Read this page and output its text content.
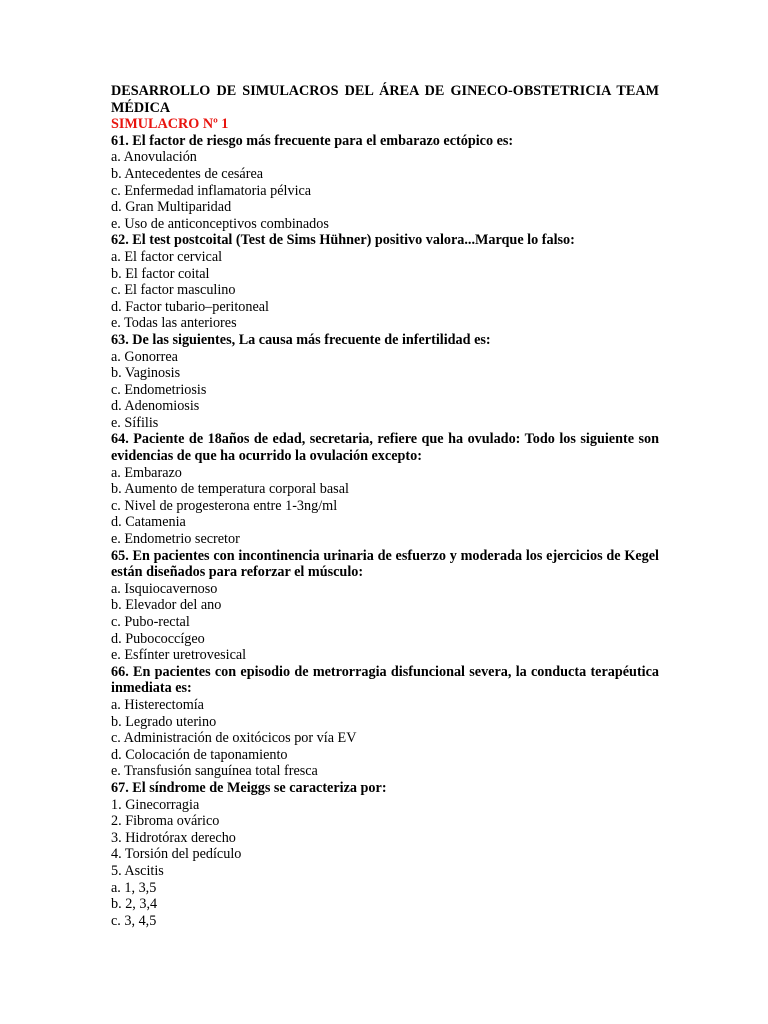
DESARROLLO DE SIMULACROS DEL ÁREA DE GINECO-OBSTETRICIA TEAM
MÉDICA

SIMULACRO Nº 1

61. El factor de riesgo más frecuente para el embarazo ectópico es:

a. Anovulación

b. Antecedentes de cesárea

c. Enfermedad inflamatoria pélvica

d. Gran Multiparidad

e. Uso de anticonceptivos combinados

62. El test postcoital (Test de Sims Hühner) positivo valora...Marque lo falso:

a. El factor cervical

b. El factor coital

c. El factor masculino

d. Factor tubario–peritoneal

e. Todas las anteriores

63. De las siguientes, La causa más frecuente de infertilidad es:

a. Gonorrea

b. Vaginosis

c. Endometriosis

d. Adenomiosis

e. Sífilis

64. Paciente de 18años de edad, secretaria, refiere que ha ovulado: Todo los siguiente son
evidencias de que ha ocurrido la ovulación excepto:

a. Embarazo

b. Aumento de temperatura corporal basal

c. Nivel de progesterona entre 1-3ng/ml

d. Catamenia

e. Endometrio secretor

65. En pacientes con incontinencia urinaria de esfuerzo y moderada los ejercicios de Kegel
están diseñados para reforzar el músculo:

a. Isquiocavernoso

b. Elevador del ano

c. Pubo-rectal

d. Pubococcígeo

e. Esfínter uretrovesical

66. En pacientes con episodio de metrorragia disfuncional severa, la conducta terapéutica
inmediata es:

a. Histerectomía

b. Legrado uterino

c. Administración de oxitócicos por vía EV

d. Colocación de taponamiento

e. Transfusión sanguínea total fresca

67. El síndrome de Meiggs se caracteriza por:

1. Ginecorragia

2. Fibroma ovárico

3. Hidrotórax derecho

4. Torsión del pedículo

5. Ascitis

a. 1, 3,5

b. 2, 3,4

c. 3, 4,5
